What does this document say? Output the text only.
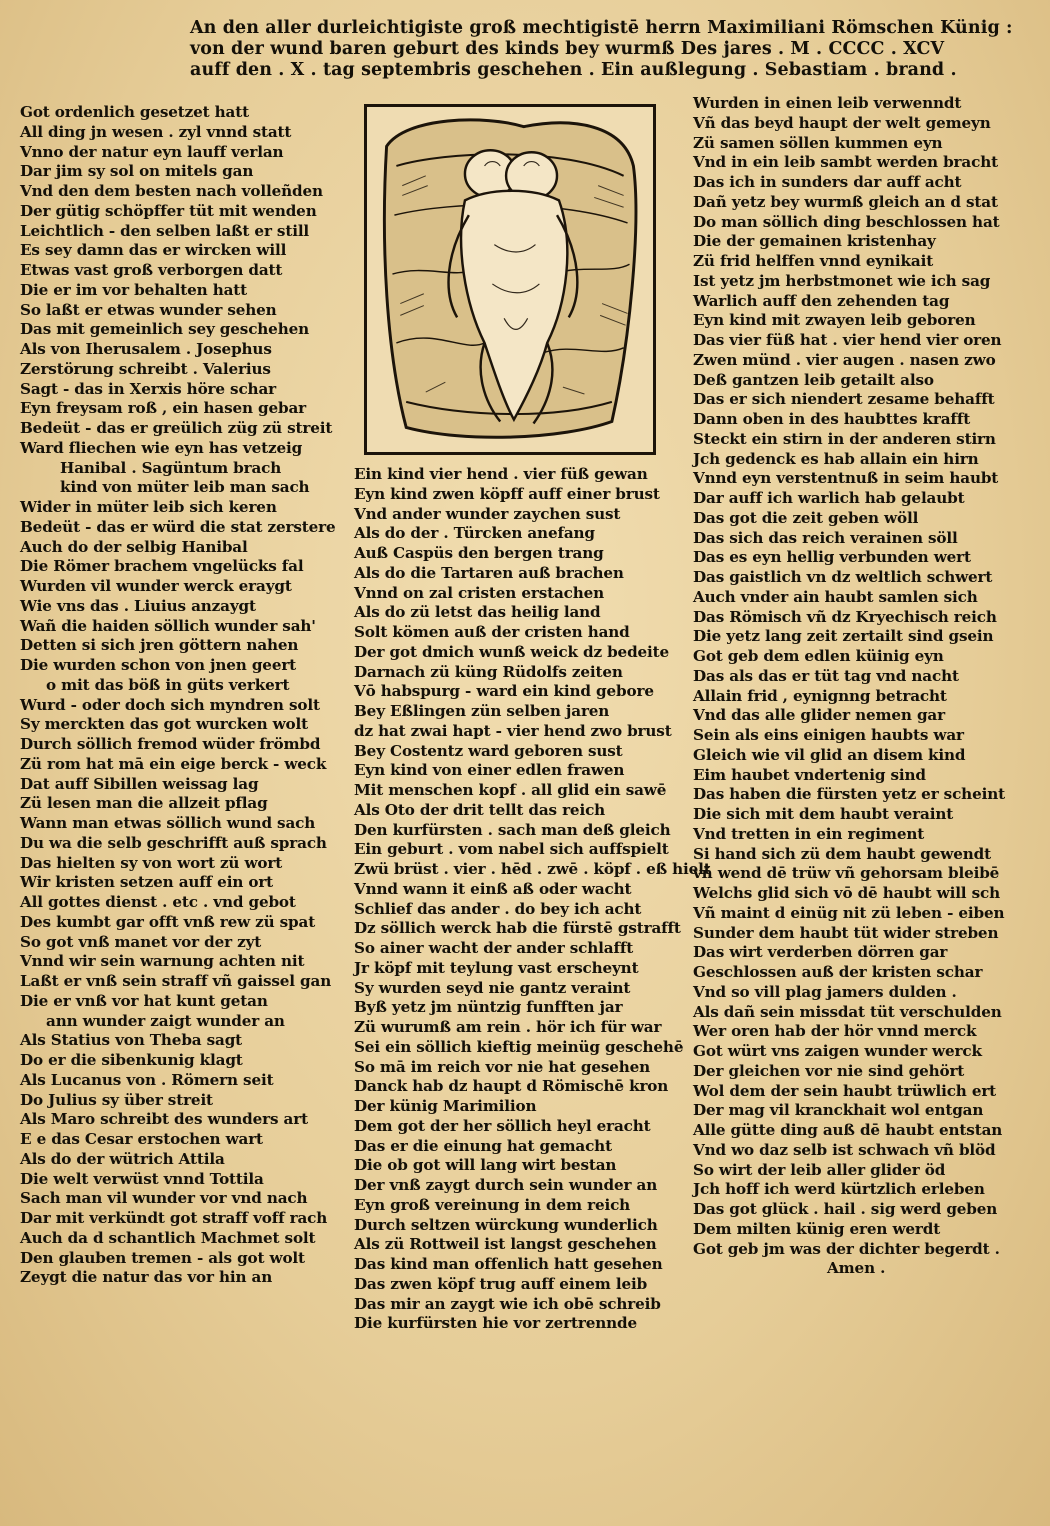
An den aller durleichtigiste groß mechtigistē herrn Maximiliani Römschen Künig :
von der wund baren geburt des kinds bey wurmß Des jares . M . CCCC . XCV
auff den . X . tag septembris geschehen . Ein außlegung . Sebastiam . brand .
Got ordenlich gesetzet hatt
All ding jn wesen . zyl vnnd statt
Vnno der natur eyn lauff verlan
Dar jim sy sol on mitels gan
Vnd den dem besten nach volleñden
Der gütig schöpffer tüt mit wenden
Leichtlich - den selben laßt er still
Es sey damn das er wircken will
Etwas vast groß verborgen datt
Die er im vor behalten hatt
So laßt er etwas wunder sehen
Das mit gemeinlich sey geschehen
Als von Iherusalem . Josephus
Zerstörung schreibt . Valerius
Sagt - das in Xerxis höre schar
Eyn freysam roß , ein hasen gebar
Bedeüt - das er greülich züg zü streit
Ward fliechen wie eyn has vetzeig
Hanibal . Sagüntum brach
kind von müter leib man sach
Wider in müter leib sich keren
Bedeüt - das er würd die stat zerstere
Auch do der selbig Hanibal
Die Römer brachem vngelücks fal
Wurden vil wunder werck eraygt
Wie vns das . Liuius anzaygt
Wañ die haiden söllich wunder sah'
Detten si sich jren göttern nahen
Die wurden schon von jnen geert
o mit das böß in güts verkert
Wurd - oder doch sich myndren solt
Sy merckten das got wurcken wolt
Durch söllich fremod wüder frömbd
Zü rom hat mā ein eige berck - weck
Dat auff Sibillen weissag lag
Zü lesen man die allzeit pflag
Wann man etwas söllich wund sach
Du wa die selb geschrifft auß sprach
Das hielten sy von wort zü wort
Wir kristen setzen auff ein ort
All gottes dienst . etc . vnd gebot
Des kumbt gar offt vnß rew zü spat
So got vnß manet vor der zyt
Vnnd wir sein warnung achten nit
Laßt er vnß sein straff vñ gaissel gan
Die er vnß vor hat kunt getan
ann wunder zaigt wunder an
Als Statius von Theba sagt
Do er die sibenkunig klagt
Als Lucanus von . Römern seit
Do Julius sy über streit
Als Maro schreibt des wunders art
E e das Cesar erstochen wart
Als do der wütrich Attila
Die welt verwüst vnnd Tottila
Sach man vil wunder vor vnd nach
Dar mit verkündt got straff voff rach
Auch da d schantlich Machmet solt
Den glauben tremen - als got wolt
Zeygt die natur das vor hin an
Ein kind vier hend . vier füß gewan
Eyn kind zwen köpff auff einer brust
Vnd ander wunder zaychen sust
Als do der . Türcken anefang
Auß Caspüs den bergen trang
Als do die Tartaren auß brachen
Vnnd on zal cristen erstachen
Als do zü letst das heilig land
Solt kömen auß der cristen hand
Der got dmich wunß weick dz bedeite
Darnach zü küng Rüdolfs zeiten
Vō habspurg - ward ein kind gebore
Bey Eßlingen zün selben jaren
dz hat zwai hapt - vier hend zwo brust
Bey Costentz ward geboren sust
Eyn kind von einer edlen frawen
Mit menschen kopf . all glid ein sawē
Als Oto der drit tellt das reich
Den kurfürsten . sach man deß gleich
Ein geburt . vom nabel sich auffspielt
Zwü brüst . vier . hēd . zwē . köpf . eß hielt
Vnnd wann it einß aß oder wacht
Schlief das ander . do bey ich acht
Dz söllich werck hab die fürstē gstrafft
So ainer wacht der ander schlafft
Jr köpf mit teylung vast erscheynt
Sy wurden seyd nie gantz veraint
Byß yetz jm nüntzig funfften jar
Zü wurumß am rein . hör ich für war
Sei ein söllich kieftig meinüg geschehē
So mā im reich vor nie hat gesehen
Danck hab dz haupt d Römischē kron
Der künig Marimilion
Dem got der her söllich heyl eracht
Das er die einung hat gemacht
Die ob got will lang wirt bestan
Der vnß zaygt durch sein wunder an
Eyn groß vereinung in dem reich
Durch seltzen würckung wunderlich
Als zü Rottweil ist langst geschehen
Das kind man offenlich hatt gesehen
Das zwen köpf trug auff einem leib
Das mir an zaygt wie ich obē schreib
Die kurfürsten hie vor zertrennde
Wurden in einen leib verwenndt
Vñ das beyd haupt der welt gemeyn
Zü samen söllen kummen eyn
Vnd in ein leib sambt werden bracht
Das ich in sunders dar auff acht
Dañ yetz bey wurmß gleich an d stat
Do man söllich ding beschlossen hat
Die der gemainen kristenhay
Zü frid helffen vnnd eynikait
Ist yetz jm herbstmonet wie ich sag
Warlich auff den zehenden tag
Eyn kind mit zwayen leib geboren
Das vier füß hat . vier hend vier oren
Zwen münd . vier augen . nasen zwo
Deß gantzen leib getailt also
Das er sich niendert zesame behafft
Dann oben in des haubttes krafft
Steckt ein stirn in der anderen stirn
Jch gedenck es hab allain ein hirn
Vnnd eyn verstentnuß in seim haubt
Dar auff ich warlich hab gelaubt
Das got die zeit geben wöll
Das sich das reich verainen söll
Das es eyn hellig verbunden wert
Das gaistlich vn dz weltlich schwert
Auch vnder ain haubt samlen sich
Das Römisch vñ dz Kryechisch reich
Die yetz lang zeit zertailt sind gsein
Got geb dem edlen küinig eyn
Das als das er tüt tag vnd nacht
Allain frid , eynignng betracht
Vnd das alle glider nemen gar
Sein als eins einigen haubts war
Gleich wie vil glid an disem kind
Eim haubet vndertenig sind
Das haben die fürsten yetz er scheint
Die sich mit dem haubt veraint
Vnd tretten in ein regiment
Si hand sich zü dem haubt gewendt
vñ wend dē trüw vñ gehorsam bleibē
Welchs glid sich vō dē haubt will sch
Vñ maint d einüg nit zü leben - eiben
Sunder dem haubt tüt wider streben
Das wirt verderben dörren gar
Geschlossen auß der kristen schar
Vnd so vill plag jamers dulden .
Als dañ sein missdat tüt verschulden
Wer oren hab der hör vnnd merck
Got würt vns zaigen wunder werck
Der gleichen vor nie sind gehört
Wol dem der sein haubt trüwlich ert
Der mag vil kranckhait wol entgan
Alle gütte ding auß dē haubt entstan
Vnd wo daz selb ist schwach vñ blöd
So wirt der leib aller glider öd
Jch hoff ich werd kürtzlich erleben
Das got glück . hail . sig werd geben
Dem milten künig eren werdt
Got geb jm was der dichter begerdt .
Amen .
